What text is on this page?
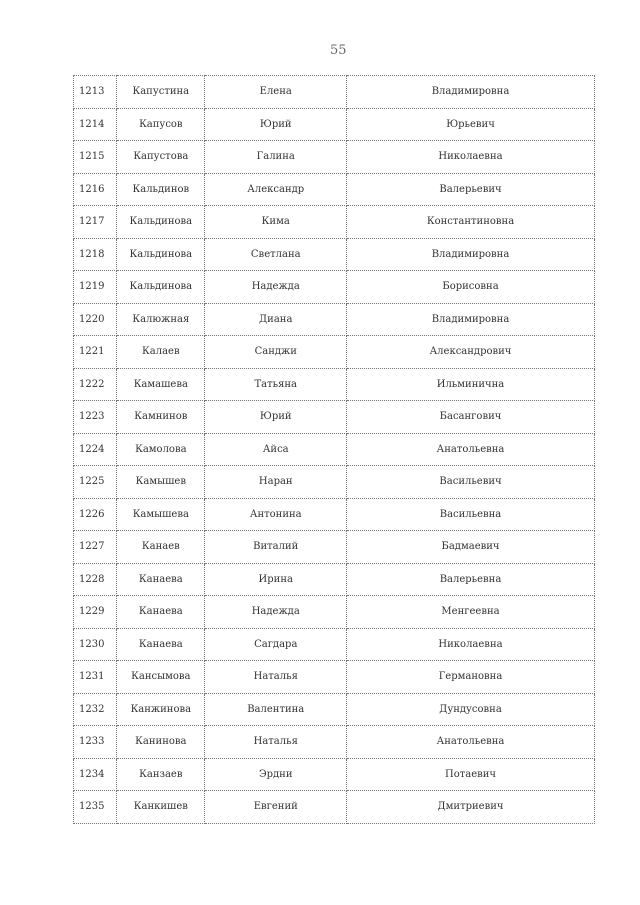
55
1213	Капустина	Елена	Владимировна
1214	Капусов	Юрий	Юрьевич
1215	Капустова	Галина	Николаевна
1216	Кальдинов	Александр	Валерьевич
1217	Кальдинова	Кима	Константиновна
1218	Кальдинова	Светлана	Владимировна
1219	Кальдинова	Надежда	Борисовна
1220	Калюжная	Диана	Владимировна
1221	Калаев	Санджи	Александрович
1222	Камашева	Татьяна	Ильминична
1223	Камнинов	Юрий	Басангович
1224	Камолова	Айса	Анатольевна
1225	Камышев	Наран	Васильевич
1226	Камышева	Антонина	Васильевна
1227	Канаев	Виталий	Бадмаевич
1228	Канаева	Ирина	Валерьевна
1229	Канаева	Надежда	Менгеевна
1230	Канаева	Сагдара	Николаевна
1231	Кансымова	Наталья	Германовна
1232	Канжинова	Валентина	Дундусовна
1233	Канинова	Наталья	Анатольевна
1234	Канзаев	Эрдни	Потаевич
1235	Канкишев	Евгений	Дмитриевич
